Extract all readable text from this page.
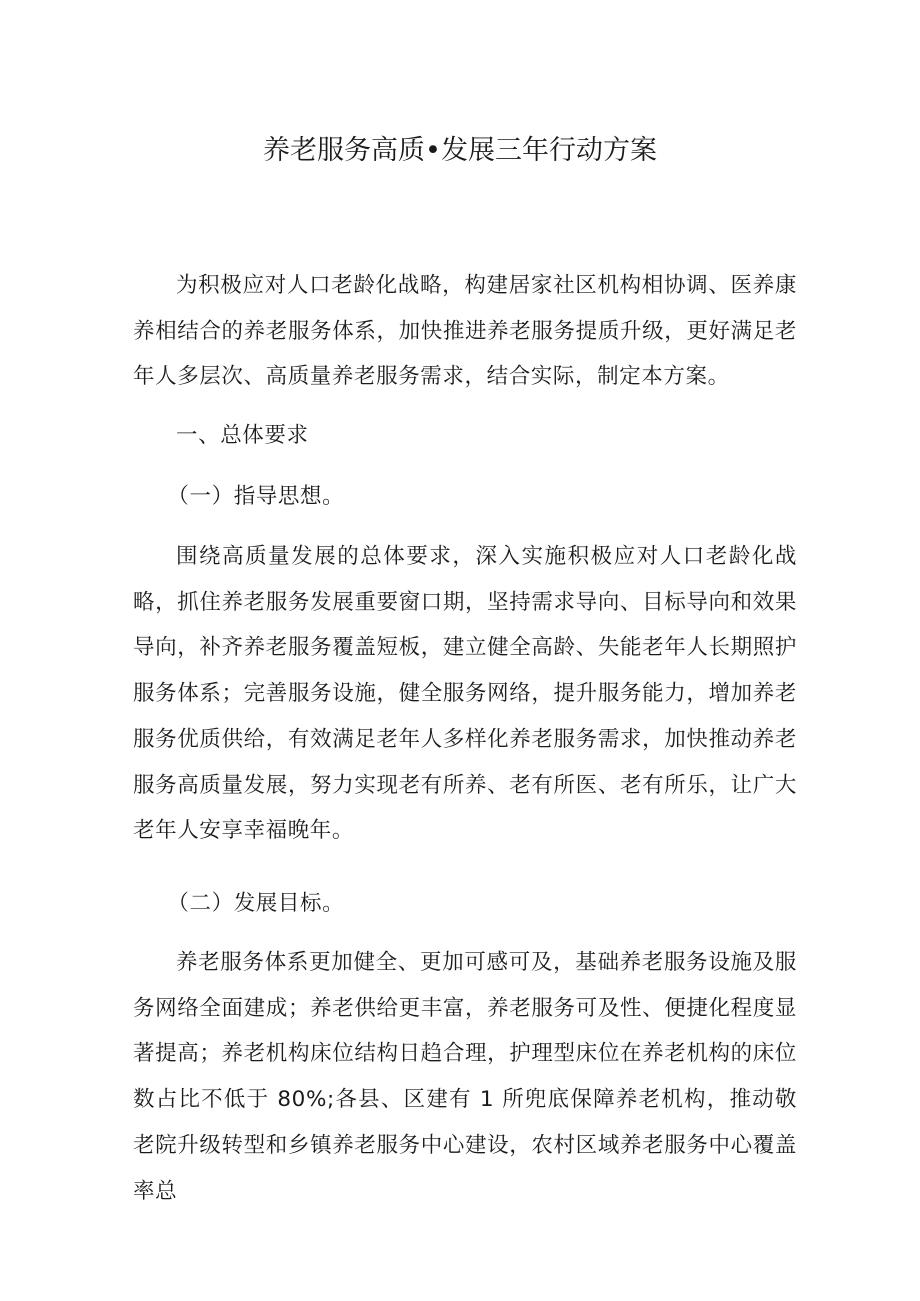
养老服务高质•发展三年行动方案

为积极应对人口老龄化战略，构建居家社区机构相协调、医养康养相结合的养老服务体系，加快推进养老服务提质升级，更好满足老年人多层次、高质量养老服务需求，结合实际，制定本方案。

一、总体要求

（一）指导思想。

围绕高质量发展的总体要求，深入实施积极应对人口老龄化战略，抓住养老服务发展重要窗口期，坚持需求导向、目标导向和效果导向，补齐养老服务覆盖短板，建立健全高龄、失能老年人长期照护服务体系；完善服务设施，健全服务网络，提升服务能力，增加养老服务优质供给，有效满足老年人多样化养老服务需求，加快推动养老服务高质量发展，努力实现老有所养、老有所医、老有所乐，让广大老年人安享幸福晚年。

（二）发展目标。

养老服务体系更加健全、更加可感可及，基础养老服务设施及服务网络全面建成；养老供给更丰富，养老服务可及性、便捷化程度显著提高；养老机构床位结构日趋合理，护理型床位在养老机构的床位数占比不低于 80%;各县、区建有 1 所兜底保障养老机构，推动敬老院升级转型和乡镇养老服务中心建设，农村区域养老服务中心覆盖率总
